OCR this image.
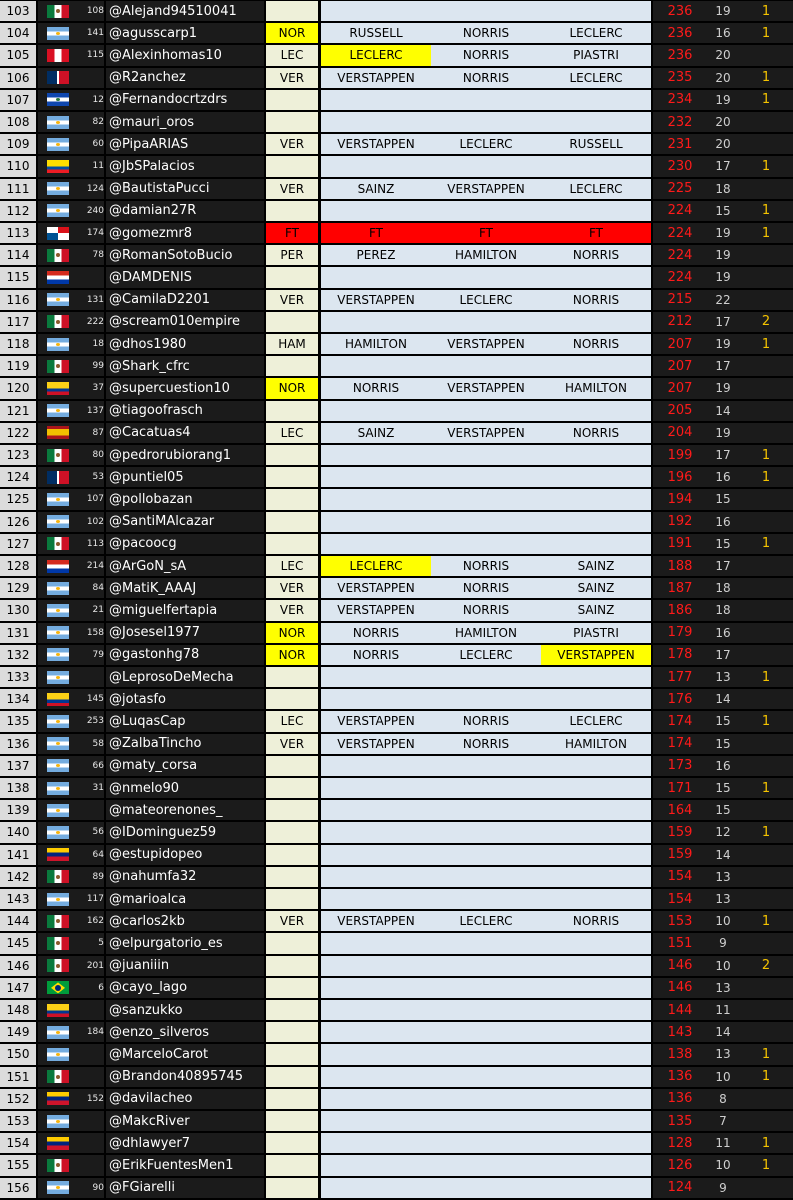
103	108 @Alejand94510041	236	19	1
104	141 @agusscarp1	NOR	RUSSELL	NORRIS	LECLERC	236	16	1
105	115 @Alexinhomas10	LEC	LECLERC	NORRIS	PIASTRI	236	20
106	@R2anchez	VER	VERSTAPPEN	NORRIS	LECLERC	235	20	1
107	12 @Fernandocrtzdrs	234	19	1
108	82 @mauri_oros	232	20
109	60 @PipaARIAS	VER	VERSTAPPEN	LECLERC	RUSSELL	231	20
110	11 @JbSPalacios	230	17	1
111	124 @BautistaPucci	VER	SAINZ	VERSTAPPEN	LECLERC	225	18
112	240 @damian27R	224	15	1
113	174 @gomezmr8	FT	FT	FT	FT	224	19	1
114	78 @RomanSotoBucio	PER	PEREZ	HAMILTON	NORRIS	224	19
115	@DAMDENIS	224	19
116	131 @CamilaD2201	VER	VERSTAPPEN	LECLERC	NORRIS	215	22
117	222 @scream010empire	212	17	2
118	18 @dhos1980	HAM	HAMILTON	VERSTAPPEN	NORRIS	207	19	1
119	99 @Shark_cfrc	207	17
120	37 @supercuestion10	NOR	NORRIS	VERSTAPPEN	HAMILTON	207	19
121	137 @tiagoofrasch	205	14
122	87 @Cacatuas4	LEC	SAINZ	VERSTAPPEN	NORRIS	204	19
123	80 @pedrorubiorang1	199	17	1
124	53 @puntiel05	196	16	1
125	107 @pollobazan	194	15
126	102 @SantiMAlcazar	192	16
127	113 @pacoocg	191	15	1
128	214 @ArGoN_sA	LEC	LECLERC	NORRIS	SAINZ	188	17
129	84 @MatiK_AAAJ	VER	VERSTAPPEN	NORRIS	SAINZ	187	18
130	21 @miguelfertapia	VER	VERSTAPPEN	NORRIS	SAINZ	186	18
131	158 @Josesel1977	NOR	NORRIS	HAMILTON	PIASTRI	179	16
132	79 @gastonhg78	NOR	NORRIS	LECLERC	VERSTAPPEN	178	17
133	@LeprosoDeMecha	177	13	1
134	145 @jotasfo	176	14
135	253 @LuqasCap	LEC	VERSTAPPEN	NORRIS	LECLERC	174	15	1
136	58 @ZalbaTincho	VER	VERSTAPPEN	NORRIS	HAMILTON	174	15
137	66 @maty_corsa	173	16
138	31 @nmelo90	171	15	1
139	@mateorenones_	164	15
140	56 @IDominguez59	159	12	1
141	64 @estupidopeo	159	14
142	89 @nahumfa32	154	13
143	117 @marioalca	154	13
144	162 @carlos2kb	VER	VERSTAPPEN	LECLERC	NORRIS	153	10	1
145	5 @elpurgatorio_es	151	9
146	201 @juaniiin	146	10	2
147	6 @cayo_lago	146	13
148	@sanzukko	144	11
149	184 @enzo_silveros	143	14
150	@MarceloCarot	138	13	1
151	@Brandon40895745	136	10	1
152	152 @davilacheo	136	8
153	@MakcRiver	135	7
154	@dhlawyer7	128	11	1
155	@ErikFuentesMen1	126	10	1
156	90 @FGiarelli	124	9
